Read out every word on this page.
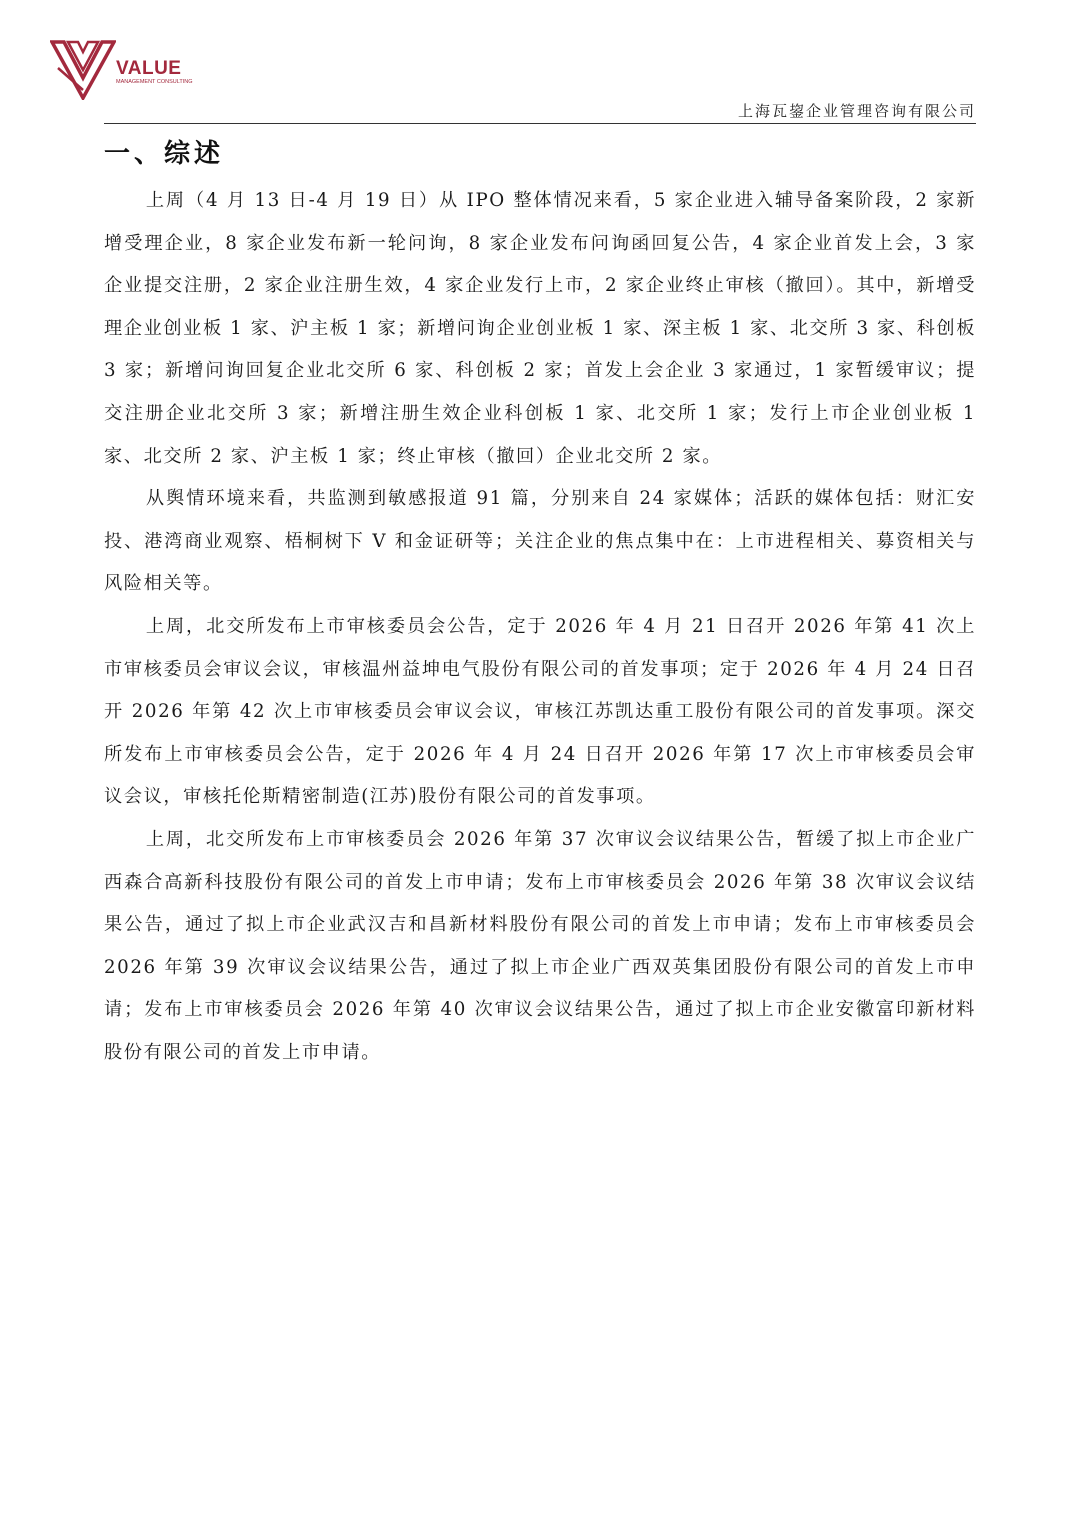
VALUE
MANAGEMENT CONSULTING
上海瓦鋆企业管理咨询有限公司
一、综述

上周（4 月 13 日-4 月 19 日）从 IPO 整体情况来看，5 家企业进入辅导备案阶段，2 家新增受理企业，8 家企业发布新一轮问询，8 家企业发布问询函回复公告，4 家企业首发上会，3 家企业提交注册，2 家企业注册生效，4 家企业发行上市，2 家企业终止审核（撤回）。其中，新增受理企业创业板 1 家、沪主板 1 家；新增问询企业创业板 1 家、深主板 1 家、北交所 3 家、科创板 3 家；新增问询回复企业北交所 6 家、科创板 2 家；首发上会企业 3 家通过，1 家暂缓审议；提交注册企业北交所 3 家；新增注册生效企业科创板 1 家、北交所 1 家；发行上市企业创业板 1 家、北交所 2 家、沪主板 1 家；终止审核（撤回）企业北交所 2 家。

从舆情环境来看，共监测到敏感报道 91 篇，分别来自 24 家媒体；活跃的媒体包括：财汇安投、港湾商业观察、梧桐树下 V 和金证研等；关注企业的焦点集中在：上市进程相关、募资相关与风险相关等。

上周，北交所发布上市审核委员会公告，定于 2026 年 4 月 21 日召开 2026 年第 41 次上市审核委员会审议会议，审核温州益坤电气股份有限公司的首发事项；定于 2026 年 4 月 24 日召开 2026 年第 42 次上市审核委员会审议会议，审核江苏凯达重工股份有限公司的首发事项。深交所发布上市审核委员会公告，定于 2026 年 4 月 24 日召开 2026 年第 17 次上市审核委员会审议会议，审核托伦斯精密制造(江苏)股份有限公司的首发事项。

上周，北交所发布上市审核委员会 2026 年第 37 次审议会议结果公告，暂缓了拟上市企业广西森合高新科技股份有限公司的首发上市申请；发布上市审核委员会 2026 年第 38 次审议会议结果公告，通过了拟上市企业武汉吉和昌新材料股份有限公司的首发上市申请；发布上市审核委员会 2026 年第 39 次审议会议结果公告，通过了拟上市企业广西双英集团股份有限公司的首发上市申请；发布上市审核委员会 2026 年第 40 次审议会议结果公告，通过了拟上市企业安徽富印新材料股份有限公司的首发上市申请。
